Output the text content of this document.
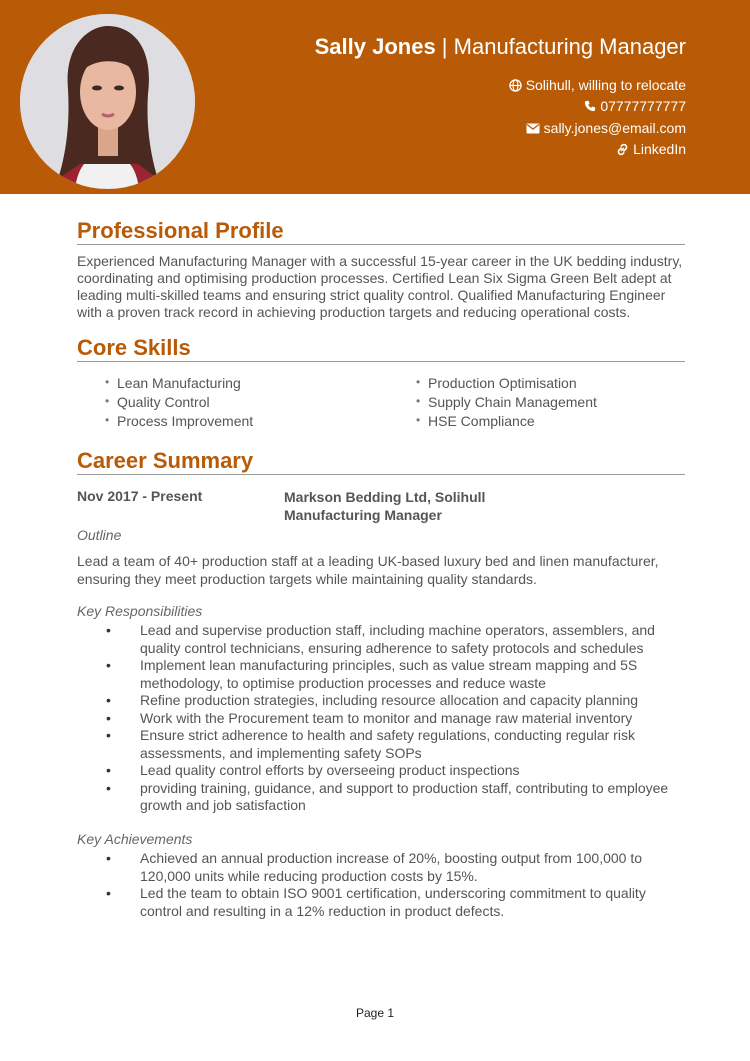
Sally Jones | Manufacturing Manager
Solihull, willing to relocate
07777777777
sally.jones@email.com
LinkedIn
Professional Profile
Experienced Manufacturing Manager with a successful 15-year career in the UK bedding industry, coordinating and optimising production processes. Certified Lean Six Sigma Green Belt adept at leading multi-skilled teams and ensuring strict quality control. Qualified Manufacturing Engineer with a proven track record in achieving production targets and reducing operational costs.
Core Skills
• Lean Manufacturing
• Quality Control
• Process Improvement
• Production Optimisation
• Supply Chain Management
• HSE Compliance
Career Summary
Nov 2017 - Present	Markson Bedding Ltd, Solihull
Manufacturing Manager
Outline
Lead a team of 40+ production staff at a leading UK-based luxury bed and linen manufacturer, ensuring they meet production targets while maintaining quality standards.
Key Responsibilities
• Lead and supervise production staff, including machine operators, assemblers, and quality control technicians, ensuring adherence to safety protocols and schedules
• Implement lean manufacturing principles, such as value stream mapping and 5S methodology, to optimise production processes and reduce waste
• Refine production strategies, including resource allocation and capacity planning
• Work with the Procurement team to monitor and manage raw material inventory
• Ensure strict adherence to health and safety regulations, conducting regular risk assessments, and implementing safety SOPs
• Lead quality control efforts by overseeing product inspections
• providing training, guidance, and support to production staff, contributing to employee growth and job satisfaction
Key Achievements
• Achieved an annual production increase of 20%, boosting output from 100,000 to 120,000 units while reducing production costs by 15%.
• Led the team to obtain ISO 9001 certification, underscoring commitment to quality control and resulting in a 12% reduction in product defects.
Page 1
